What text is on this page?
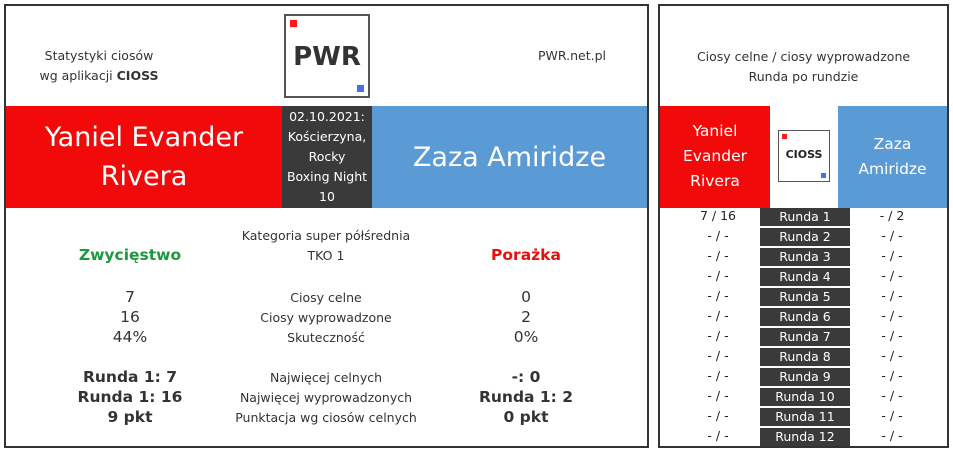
Statystyki ciosów
wg aplikacji CIOSS
PWR	PWR.net.pl
Yaniel Evander Rivera
02.10.2021: Kościerzyna, Rocky Boxing Night 10
Zaza Amiridze
Kategoria super półśrednia
TKO 1
Zwycięstwo	Porażka
7	Ciosy celne	0
16	Ciosy wyprowadzone	2
44%	Skuteczność	0%
Runda 1: 7	Najwięcej celnych	-: 0
Runda 1: 16	Najwięcej wyprowadzonych	Runda 1: 2
9 pkt	Punktacja wg ciosów celnych	0 pkt
Ciosy celne / ciosy wyprowadzone
Runda po rundzie
Yaniel Evander Rivera
CIOSS
Zaza Amiridze
7 / 16	Runda 1	- / 2
- / -	Runda 2	- / -
- / -	Runda 3	- / -
- / -	Runda 4	- / -
- / -	Runda 5	- / -
- / -	Runda 6	- / -
- / -	Runda 7	- / -
- / -	Runda 8	- / -
- / -	Runda 9	- / -
- / -	Runda 10	- / -
- / -	Runda 11	- / -
- / -	Runda 12	- / -
